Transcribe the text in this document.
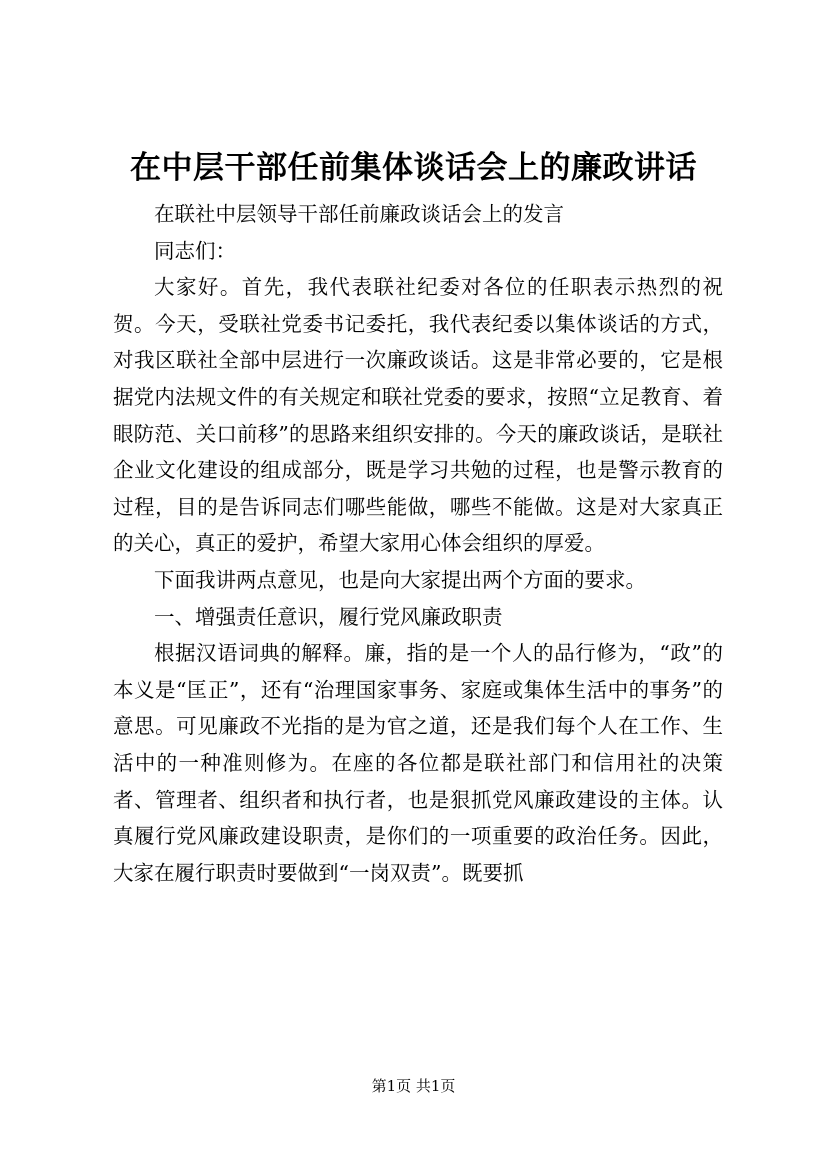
在中层干部任前集体谈话会上的廉政讲话

在联社中层领导干部任前廉政谈话会上的发言

同志们：

大家好。首先，我代表联社纪委对各位的任职表示热烈的祝贺。今天，受联社党委书记委托，我代表纪委以集体谈话的方式，对我区联社全部中层进行一次廉政谈话。这是非常必要的，它是根据党内法规文件的有关规定和联社党委的要求，按照“立足教育、着眼防范、关口前移”的思路来组织安排的。今天的廉政谈话，是联社企业文化建设的组成部分，既是学习共勉的过程，也是警示教育的过程，目的是告诉同志们哪些能做，哪些不能做。这是对大家真正的关心，真正的爱护，希望大家用心体会组织的厚爱。

下面我讲两点意见，也是向大家提出两个方面的要求。

一、增强责任意识，履行党风廉政职责

根据汉语词典的解释。廉，指的是一个人的品行修为，“政”的本义是“匡正”，还有“治理国家事务、家庭或集体生活中的事务”的意思。可见廉政不光指的是为官之道，还是我们每个人在工作、生活中的一种准则修为。在座的各位都是联社部门和信用社的决策者、管理者、组织者和执行者，也是狠抓党风廉政建设的主体。认真履行党风廉政建设职责，是你们的一项重要的政治任务。因此，大家在履行职责时要做到“一岗双责”。既要抓

第1页 共1页
